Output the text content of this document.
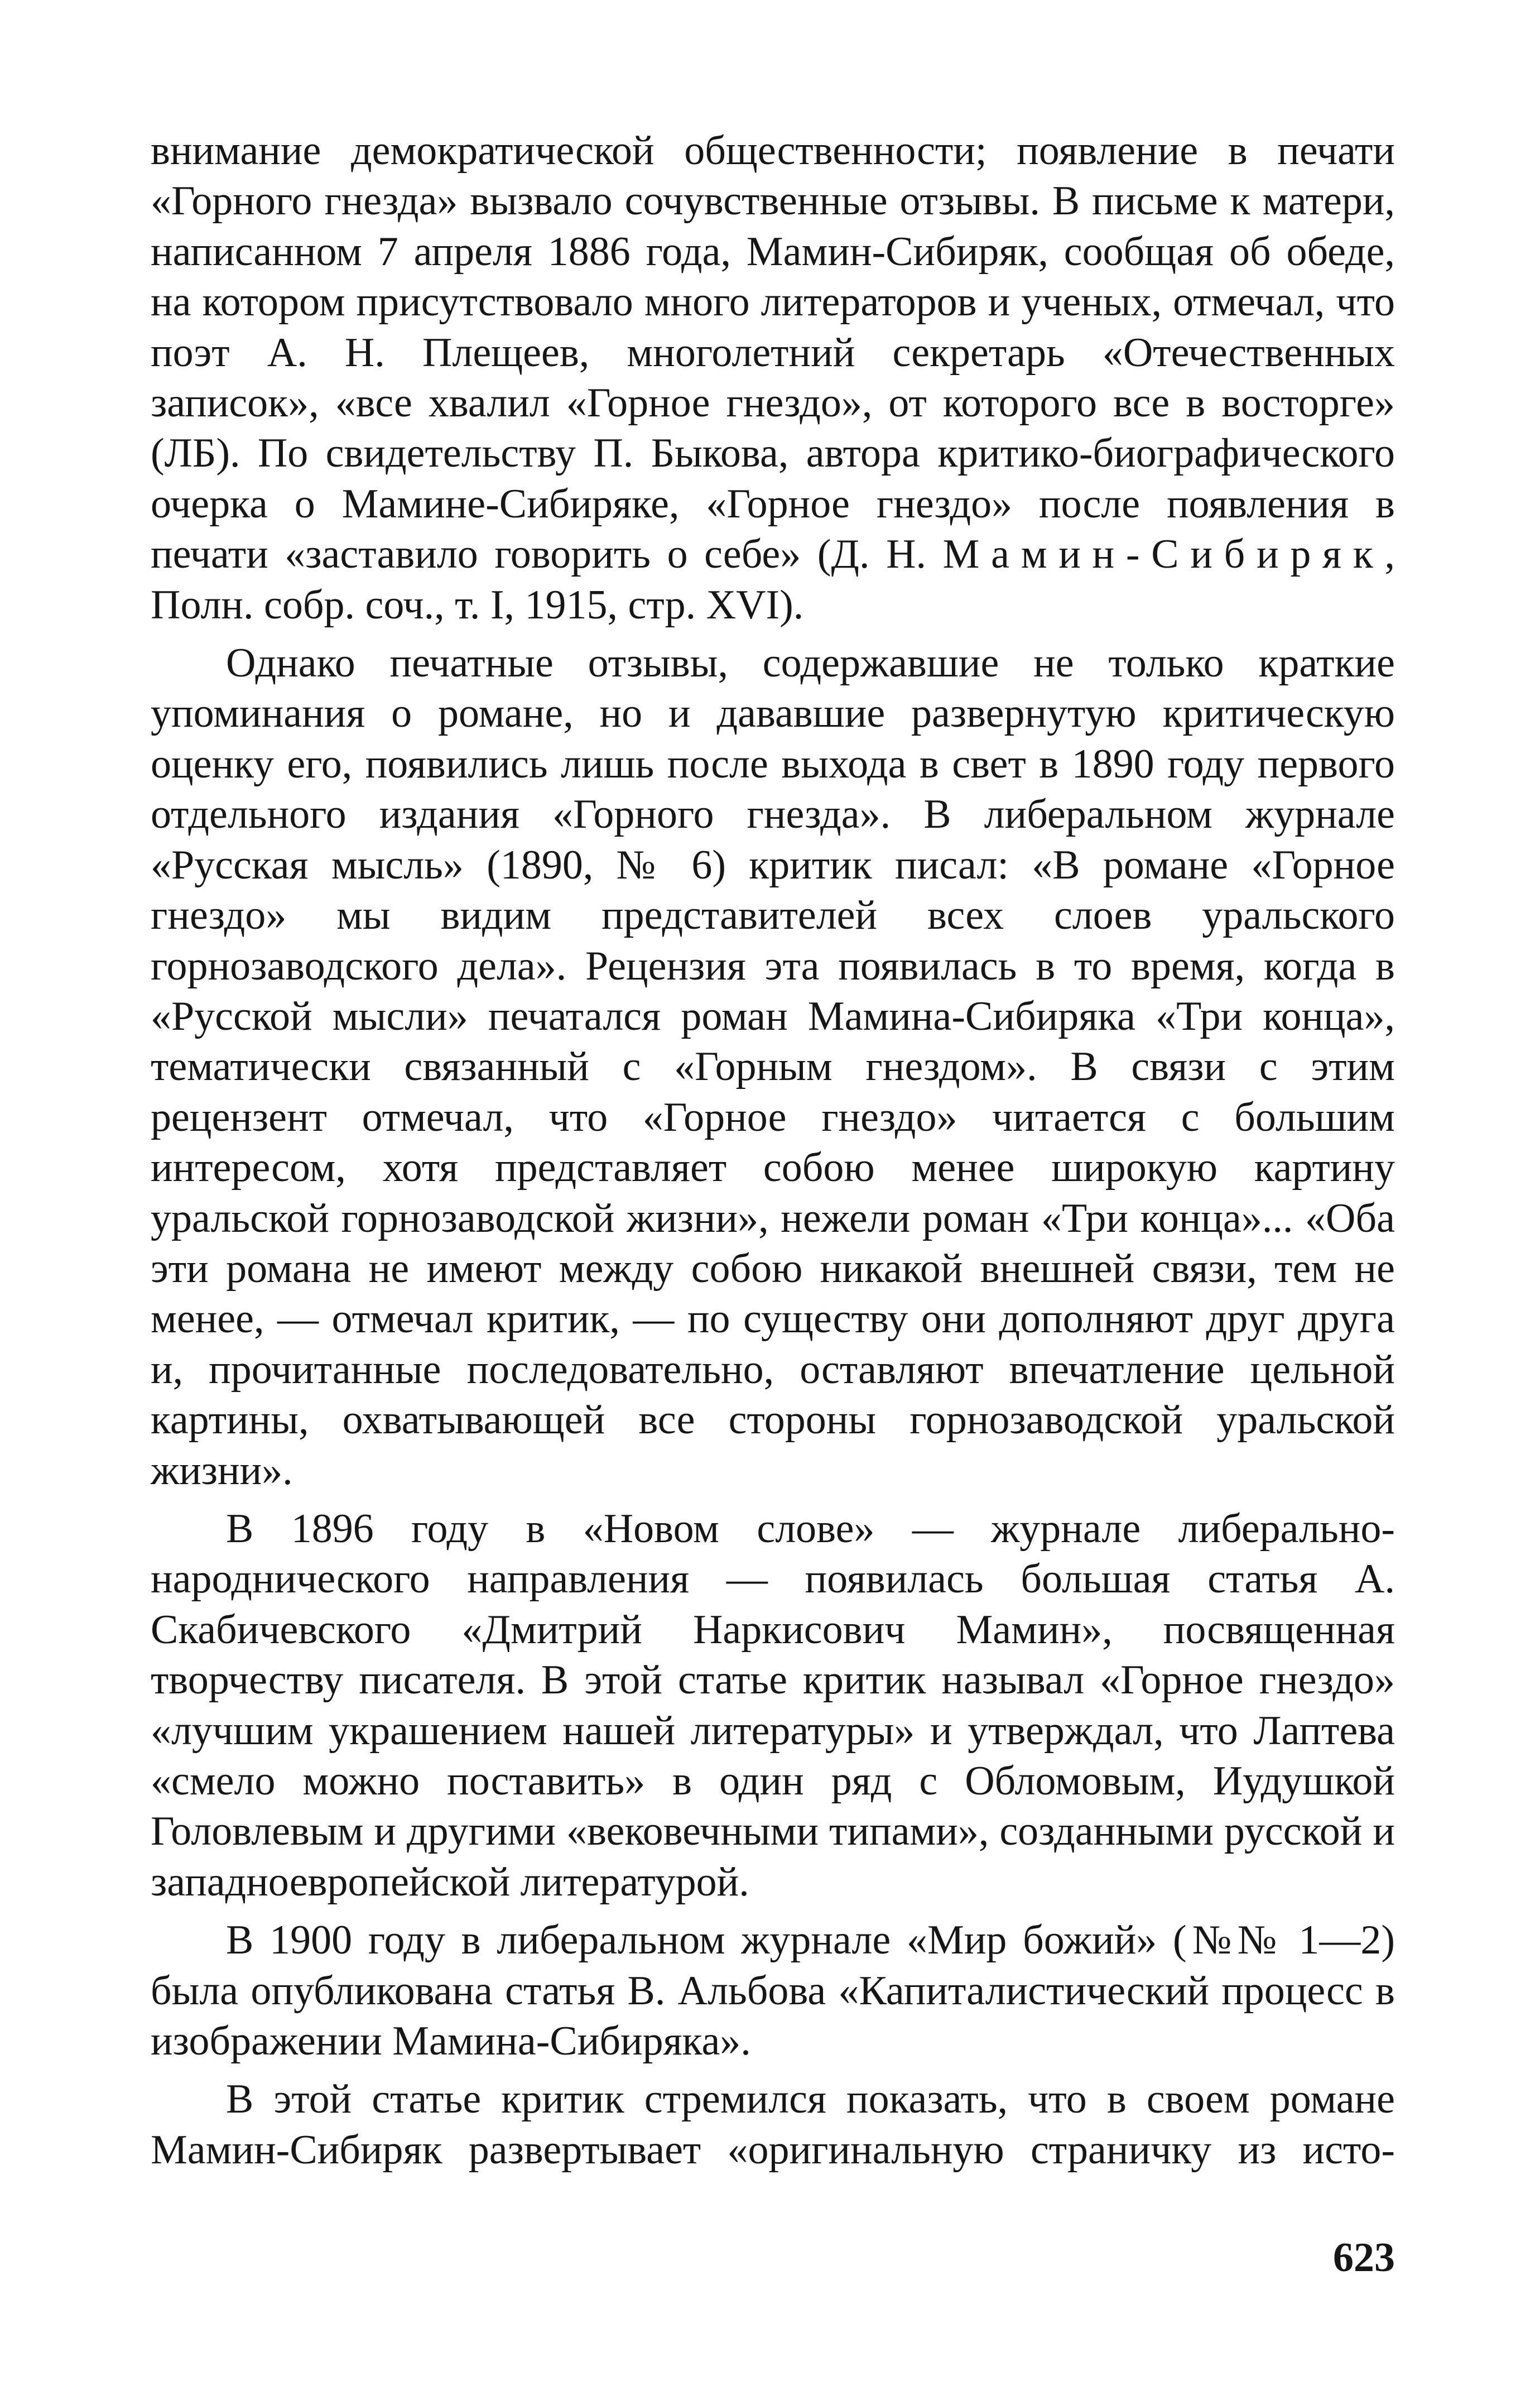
внимание демократической общественности; появление в печати «Горного гнезда» вызвало сочувственные отзывы. В письме к матери, написанном 7 апреля 1886 года, Мамин-Сибиряк, сообщая об обеде, на котором присутствовало много литераторов и ученых, отмечал, что поэт А. Н. Плещеев, многолетний секретарь «Отечественных записок», «все хвалил «Горное гнездо», от которого все в восторге» (ЛБ). По свидетельству П. Быкова, автора критико-биографического очерка о Мамине-Сибиряке, «Горное гнездо» после появления в печати «заставило говорить о себе» (Д. Н. Мамин-Сибиряк, Полн. собр. соч., т. I, 1915, стр. XVI).

Однако печатные отзывы, содержавшие не только краткие упоминания о романе, но и дававшие развернутую критическую оценку его, появились лишь после выхода в свет в 1890 году первого отдельного издания «Горного гнезда». В либеральном журнале «Русская мысль» (1890, № 6) критик писал: «В романе «Горное гнездо» мы видим представителей всех слоев уральского горнозаводского дела». Рецензия эта появилась в то время, когда в «Русской мысли» печатался роман Мамина-Сибиряка «Три конца», тематически связанный с «Горным гнездом». В связи с этим рецензент отмечал, что «Горное гнездо» читается с большим интересом, хотя представляет собою менее широкую картину уральской горнозаводской жизни», нежели роман «Три конца»... «Оба эти романа не имеют между собою никакой внешней связи, тем не менее, — отмечал критик, — по существу они дополняют друг друга и, прочитанные последовательно, оставляют впечатление цельной картины, охватывающей все стороны горнозаводской уральской жизни».

В 1896 году в «Новом слове» — журнале либерально-народнического направления — появилась большая статья А. Скабичевского «Дмитрий Наркисович Мамин», посвященная творчеству писателя. В этой статье критик называл «Горное гнездо» «лучшим украшением нашей литературы» и утверждал, что Лаптева «смело можно поставить» в один ряд с Обломовым, Иудушкой Головлевым и другими «вековечными типами», созданными русской и западноевропейской литературой.

В 1900 году в либеральном журнале «Мир божий» (№№ 1—2) была опубликована статья В. Альбова «Капиталистический процесс в изображении Мамина-Сибиряка».

В этой статье критик стремился показать, что в своем романе Мамин-Сибиряк развертывает «оригинальную страничку из исто-

623
